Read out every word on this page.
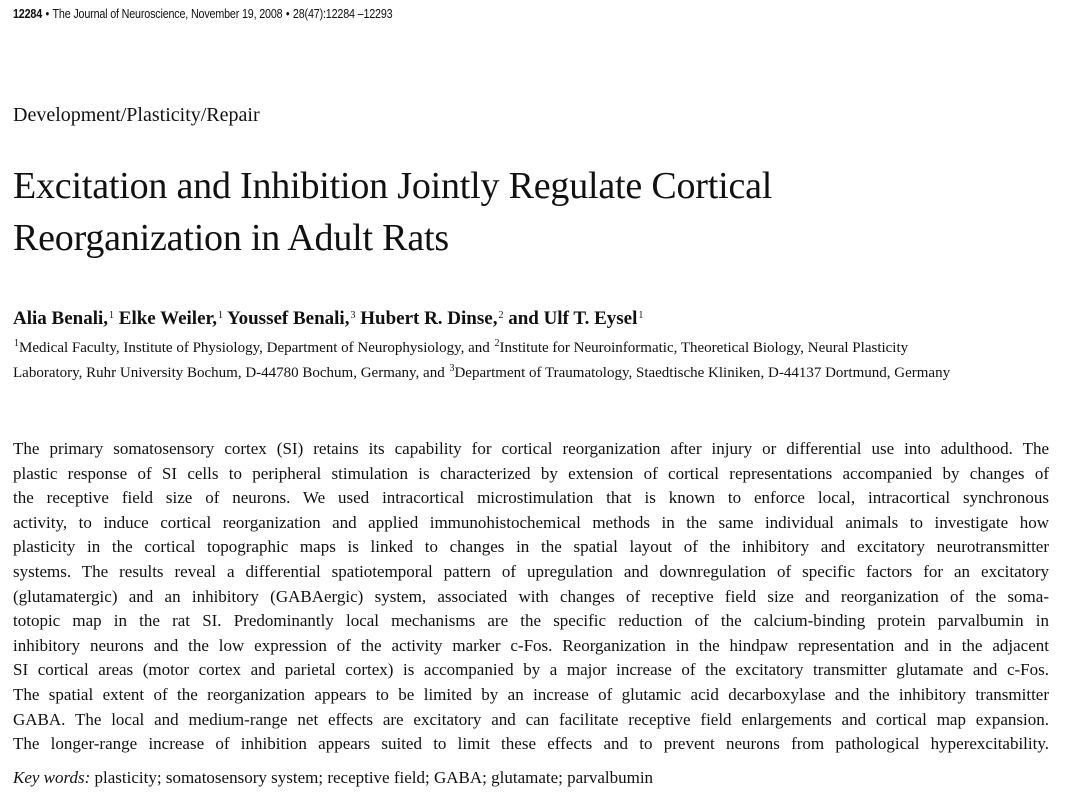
12284 • The Journal of Neuroscience, November 19, 2008 • 28(47):12284 –12293
Development/Plasticity/Repair
Excitation and Inhibition Jointly Regulate Cortical
Reorganization in Adult Rats
Alia Benali,$^1$ Elke Weiler,$^1$ Youssef Benali,$^3$ Hubert R. Dinse,$^2$ and Ulf T. Eysel$^1$
$^1$Medical Faculty, Institute of Physiology, Department of Neurophysiology, and $^2$Institute for Neuroinformatic, Theoretical Biology, Neural Plasticity
Laboratory, Ruhr University Bochum, D-44780 Bochum, Germany, and $^3$Department of Traumatology, Staedtische Kliniken, D-44137 Dortmund, Germany
The primary somatosensory cortex (SI) retains its capability for cortical reorganization after injury or differential use into adulthood. The
plastic response of SI cells to peripheral stimulation is characterized by extension of cortical representations accompanied by changes of
the receptive field size of neurons. We used intracortical microstimulation that is known to enforce local, intracortical synchronous
activity, to induce cortical reorganization and applied immunohistochemical methods in the same individual animals to investigate how
plasticity in the cortical topographic maps is linked to changes in the spatial layout of the inhibitory and excitatory neurotransmitter
systems. The results reveal a differential spatiotemporal pattern of upregulation and downregulation of specific factors for an excitatory
(glutamatergic) and an inhibitory (GABAergic) system, associated with changes of receptive field size and reorganization of the soma-
totopic map in the rat SI. Predominantly local mechanisms are the specific reduction of the calcium-binding protein parvalbumin in
inhibitory neurons and the low expression of the activity marker c-Fos. Reorganization in the hindpaw representation and in the adjacent
SI cortical areas (motor cortex and parietal cortex) is accompanied by a major increase of the excitatory transmitter glutamate and c-Fos.
The spatial extent of the reorganization appears to be limited by an increase of glutamic acid decarboxylase and the inhibitory transmitter
GABA. The local and medium-range net effects are excitatory and can facilitate receptive field enlargements and cortical map expansion.
The longer-range increase of inhibition appears suited to limit these effects and to prevent neurons from pathological hyperexcitability.
Key words: plasticity; somatosensory system; receptive field; GABA; glutamate; parvalbumin
